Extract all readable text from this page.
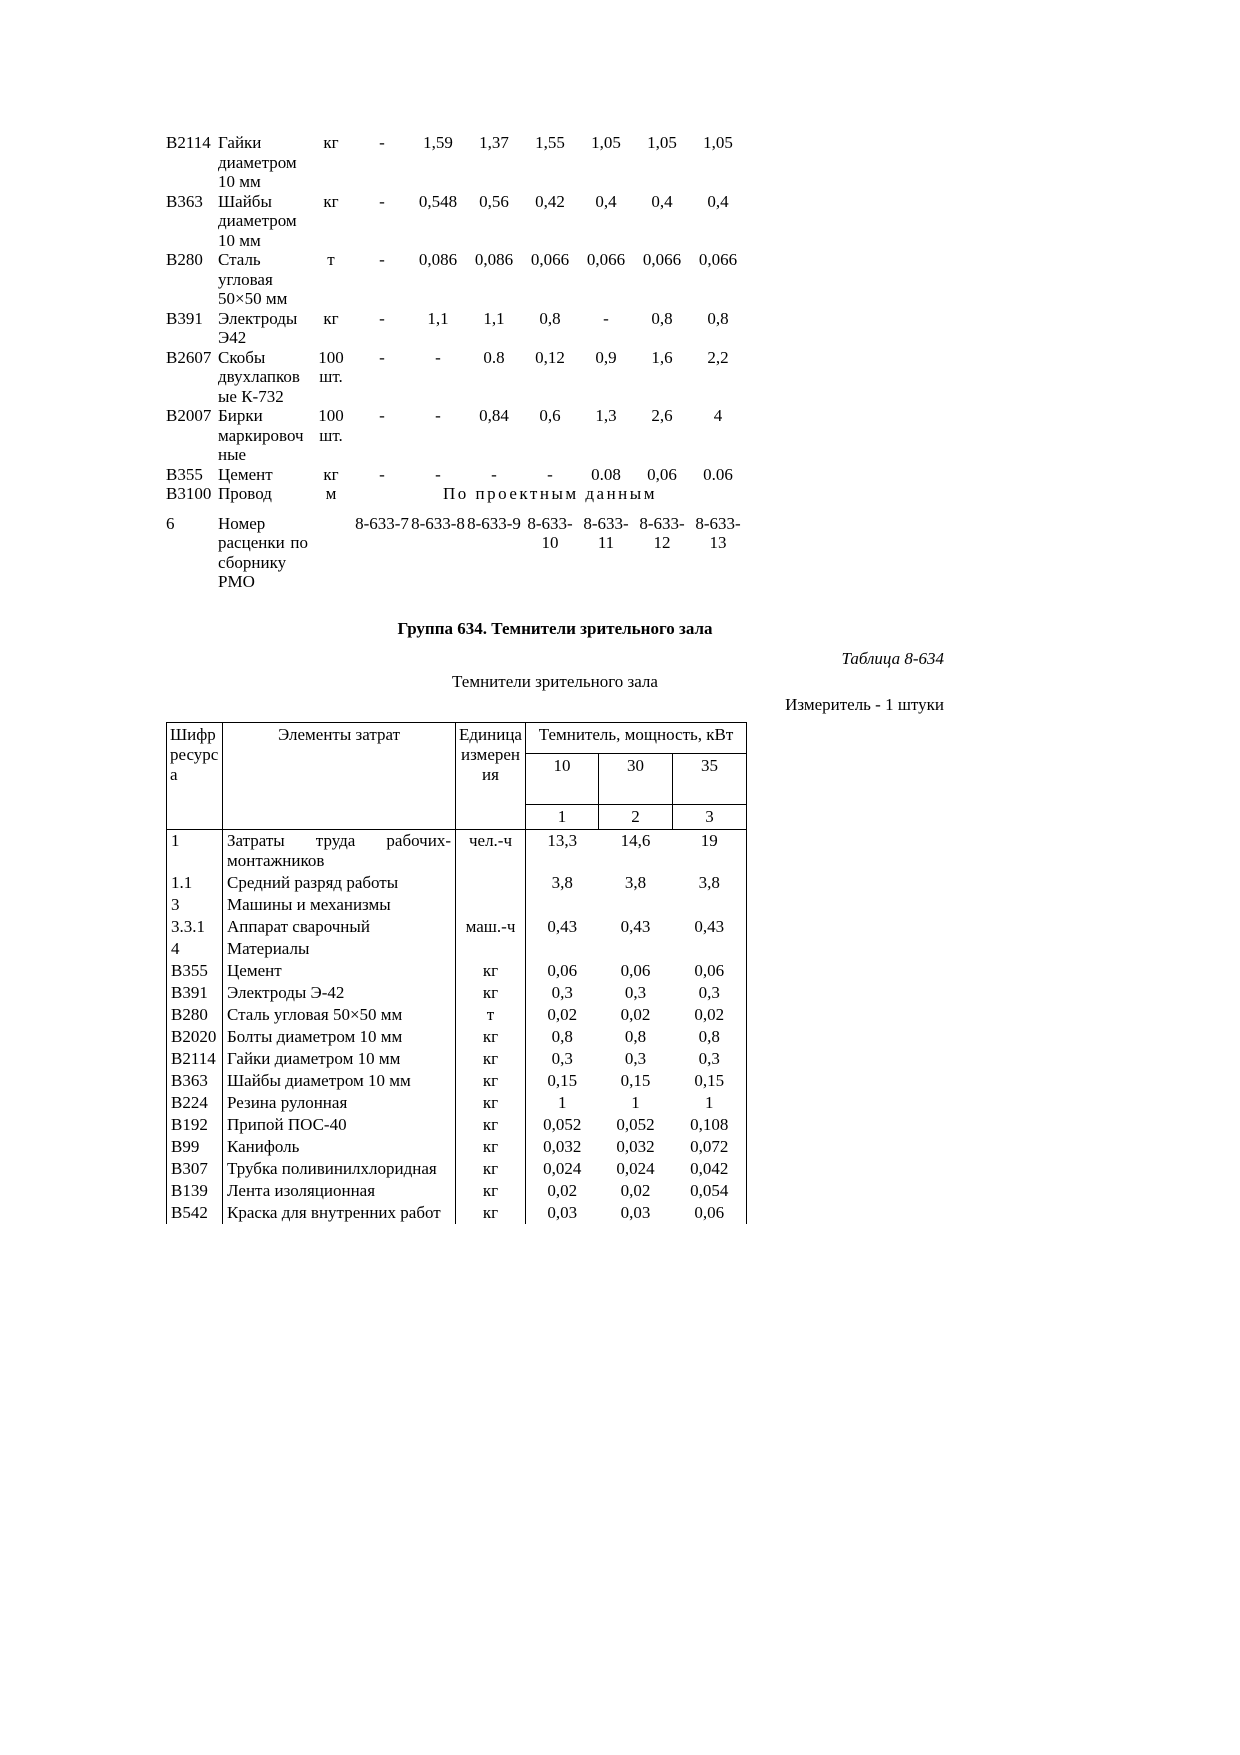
В2114	Гайки диаметром 10 мм	кг	-	1,59	1,37	1,55	1,05	1,05	1,05
В363	Шайбы диаметром 10 мм	кг	-	0,548	0,56	0,42	0,4	0,4	0,4
В280	Сталь угловая 50×50 мм	т	-	0,086	0,086	0,066	0,066	0,066	0,066
В391	Электроды Э42	кг	-	1,1	1,1	0,8	-	0,8	0,8
В2607	Скобы двухлапковые К-732	100 шт.	-	-	0.8	0,12	0,9	1,6	2,2
В2007	Бирки маркировочные	100 шт.	-	-	0,84	0,6	1,3	2,6	4
В355	Цемент	кг	-	-	-	-	0.08	0,06	0.06
В3100	Провод	м	По проектным данным						
6	Номер расценки по сборнику РМО		8-633-7	8-633-8	8-633-9	8-633-10	8-633-11	8-633-12	8-633-13

Группа 634. Темнители зрительного зала

Таблица 8-634

Темнители зрительного зала

Измеритель - 1 штуки

Шифр ресурса	Элементы затрат	Единица измерения	Темнитель, мощность, кВт		
			10	30	35
			1	2	3
1	Затраты труда рабочих-монтажников	чел.-ч	13,3	14,6	19
1.1	Средний разряд работы		3,8	3,8	3,8
3	Машины и механизмы				
3.3.1	Аппарат сварочный	маш.-ч	0,43	0,43	0,43
4	Материалы				
В355	Цемент	кг	0,06	0,06	0,06
В391	Электроды Э-42	кг	0,3	0,3	0,3
В280	Сталь угловая 50×50 мм	т	0,02	0,02	0,02
В2020	Болты диаметром 10 мм	кг	0,8	0,8	0,8
В2114	Гайки диаметром 10 мм	кг	0,3	0,3	0,3
В363	Шайбы диаметром 10 мм	кг	0,15	0,15	0,15
В224	Резина рулонная	кг	1	1	1
В192	Припой ПОС-40	кг	0,052	0,052	0,108
В99	Канифоль	кг	0,032	0,032	0,072
В307	Трубка поливинилхлоридная	кг	0,024	0,024	0,042
В139	Лента изоляционная	кг	0,02	0,02	0,054
В542	Краска для внутренних работ	кг	0,03	0,03	0,06
